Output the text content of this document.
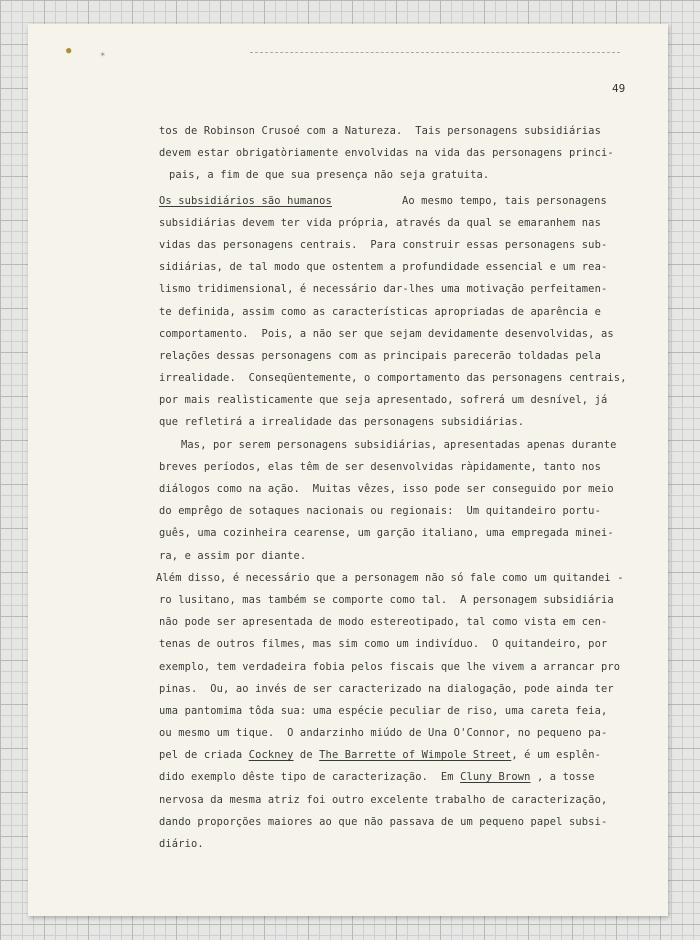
●	✶
49
tos de Robinson Crusoé com a Natureza.  Tais personagens subsidiárias
devem estar obrigatòriamente envolvidas na vida das personagens princi-
pais, a fim de que sua presença não seja gratuita.
Os subsidiários são humanos	Ao mesmo tempo, tais personagens
subsidiárias devem ter vida própria, através da qual se emaranhem nas
vidas das personagens centrais.  Para construir essas personagens sub-
sidiárias, de tal modo que ostentem a profundidade essencial e um rea-
lismo tridimensional, é necessário dar-lhes uma motivação perfeitamen-
te definida, assim como as características apropriadas de aparência e
comportamento.  Pois, a não ser que sejam devidamente desenvolvidas, as
relações dessas personagens com as principais parecerão toldadas pela
irrealidade.  Conseqüentemente, o comportamento das personagens centrais,
por mais realìsticamente que seja apresentado, sofrerá um desnível, já
que refletirá a irrealidade das personagens subsidiárias.
Mas, por serem personagens subsidiárias, apresentadas apenas durante
breves períodos, elas têm de ser desenvolvidas ràpidamente, tanto nos
diálogos como na ação.  Muitas vêzes, isso pode ser conseguido por meio
do emprêgo de sotaques nacionais ou regionais:  Um quitandeiro portu-
guês, uma cozinheira cearense, um garção italiano, uma empregada minei-
ra, e assim por diante.
Além disso, é necessário que a personagem não só fale como um quitandei -
ro lusitano, mas também se comporte como tal.  A personagem subsidiária
não pode ser apresentada de modo estereotipado, tal como vista em cen-
tenas de outros filmes, mas sim como um indivíduo.  O quitandeiro, por
exemplo, tem verdadeira fobia pelos fiscais que lhe vivem a arrancar pro
pinas.  Ou, ao invés de ser caracterizado na dialogação, pode ainda ter
uma pantomima tôda sua: uma espécie peculiar de riso, uma careta feia,
ou mesmo um tique.  O andarzinho miúdo de Una O'Connor, no pequeno pa-
pel de criada Cockney de The Barrette of Wimpole Street, é um esplên-
dido exemplo dêste tipo de caracterização.  Em Cluny Brown , a tosse
nervosa da mesma atriz foi outro excelente trabalho de caracterização,
dando proporções maiores ao que não passava de um pequeno papel subsi-
diário.
